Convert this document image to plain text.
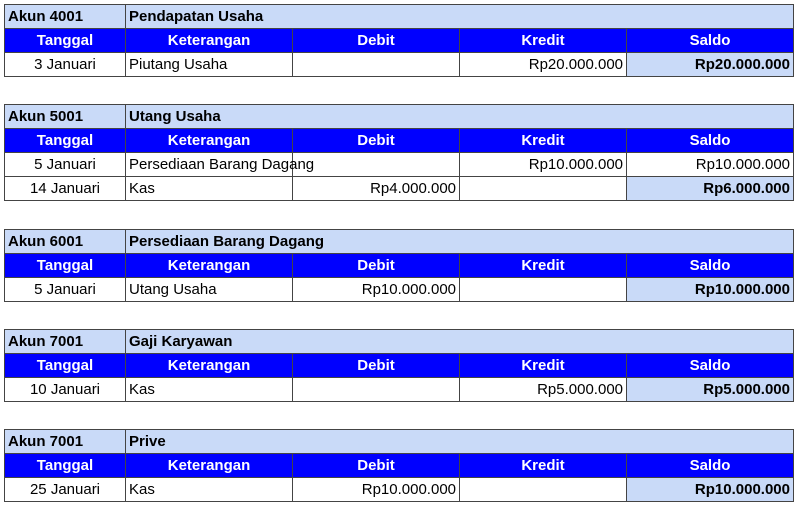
Akun 4001	Pendapatan Usaha			
Tanggal	Keterangan	Debit	Kredit	Saldo
3 Januari	Piutang Usaha		Rp20.000.000	Rp20.000.000
Akun 5001	Utang Usaha			
Tanggal	Keterangan	Debit	Kredit	Saldo
5 Januari	Persediaan Barang Dagang		Rp10.000.000	Rp10.000.000
14 Januari	Kas	Rp4.000.000		Rp6.000.000
Akun 6001	Persediaan Barang Dagang			
Tanggal	Keterangan	Debit	Kredit	Saldo
5 Januari	Utang Usaha	Rp10.000.000		Rp10.000.000
Akun 7001	Gaji Karyawan			
Tanggal	Keterangan	Debit	Kredit	Saldo
10 Januari	Kas		Rp5.000.000	Rp5.000.000
Akun 7001	Prive			
Tanggal	Keterangan	Debit	Kredit	Saldo
25 Januari	Kas	Rp10.000.000		Rp10.000.000
